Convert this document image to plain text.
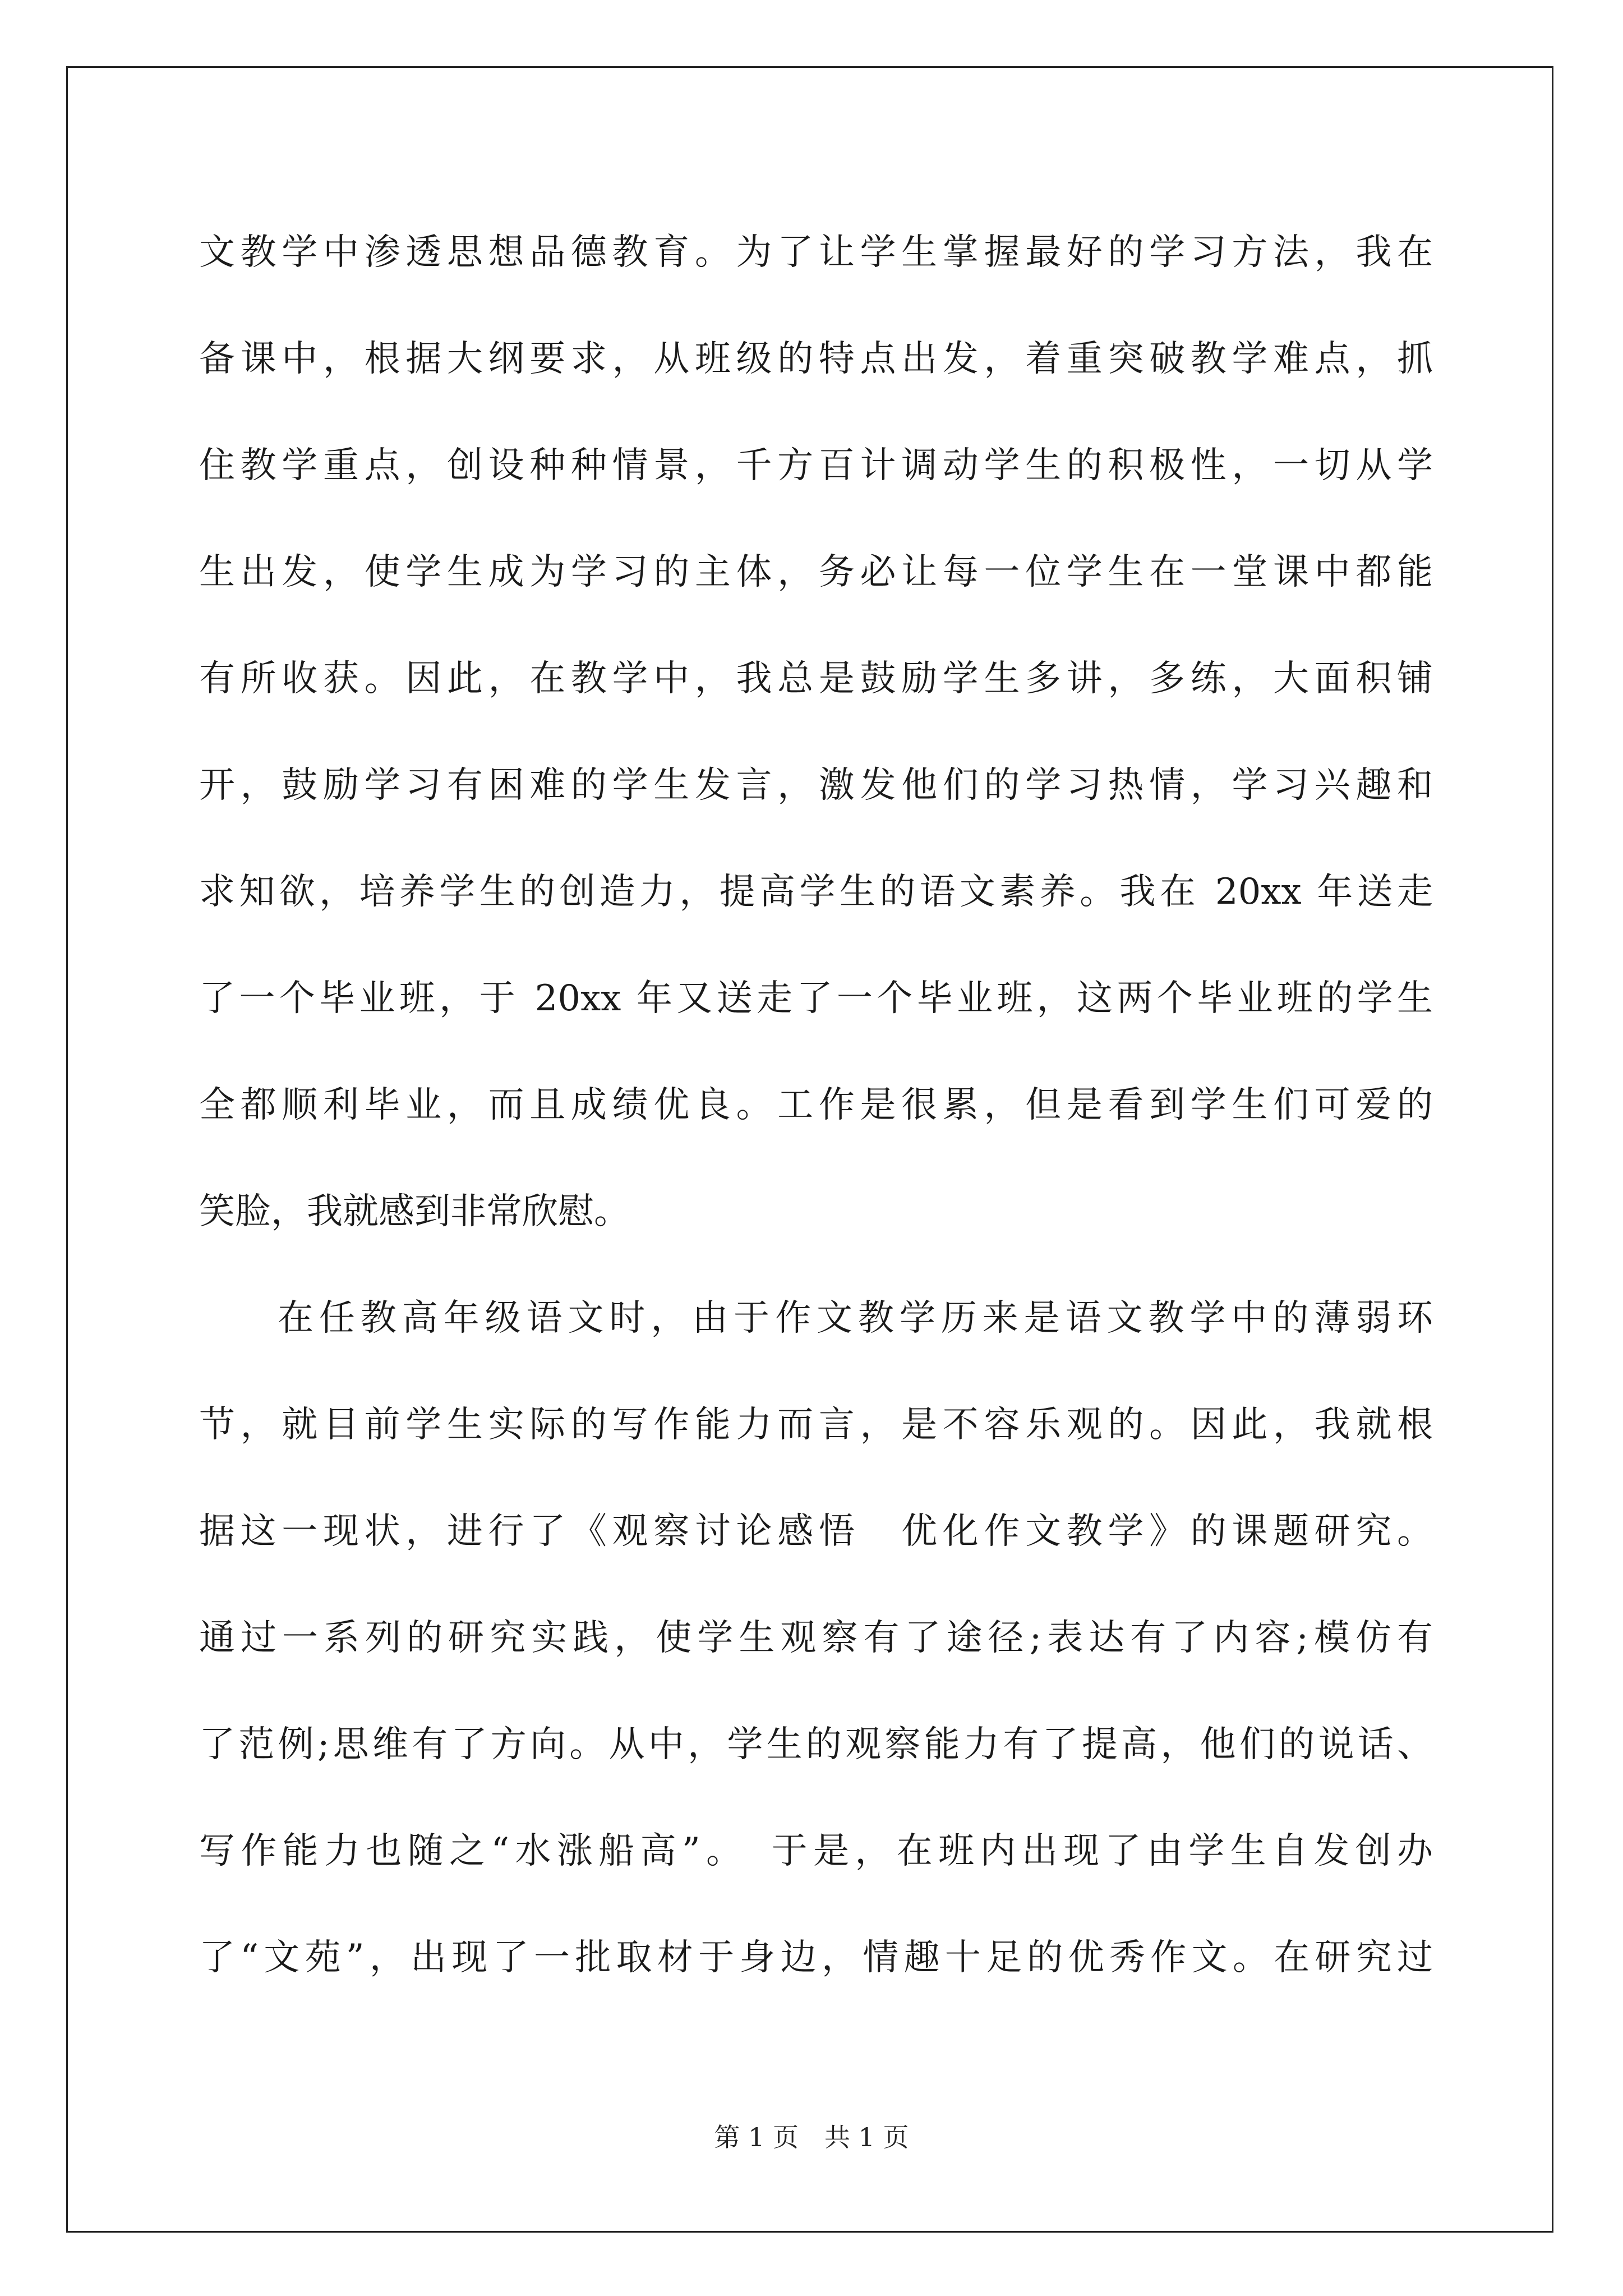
文教学中渗透思想品德教育。为了让学生掌握最好的学习方法，我在
备课中，根据大纲要求，从班级的特点出发，着重突破教学难点，抓
住教学重点，创设种种情景，千方百计调动学生的积极性，一切从学
生出发，使学生成为学习的主体，务必让每一位学生在一堂课中都能
有所收获。因此，在教学中，我总是鼓励学生多讲，多练，大面积铺
开，鼓励学习有困难的学生发言，激发他们的学习热情，学习兴趣和
求知欲，培养学生的创造力，提高学生的语文素养。我在 20xx 年送走
了一个毕业班，于 20xx 年又送走了一个毕业班，这两个毕业班的学生
全都顺利毕业，而且成绩优良。工作是很累，但是看到学生们可爱的
笑脸，我就感到非常欣慰。
在任教高年级语文时，由于作文教学历来是语文教学中的薄弱环
节，就目前学生实际的写作能力而言，是不容乐观的。因此，我就根
据这一现状，进行了《观察讨论感悟　优化作文教学》的课题研究。
通过一系列的研究实践，使学生观察有了途径;表达有了内容;模仿有
了范例;思维有了方向。从中，学生的观察能力有了提高，他们的说话、
写作能力也随之“水涨船高”。　于是，在班内出现了由学生自发创办
了“文苑”，出现了一批取材于身边，情趣十足的优秀作文。在研究过
第 1 页　共 1 页
